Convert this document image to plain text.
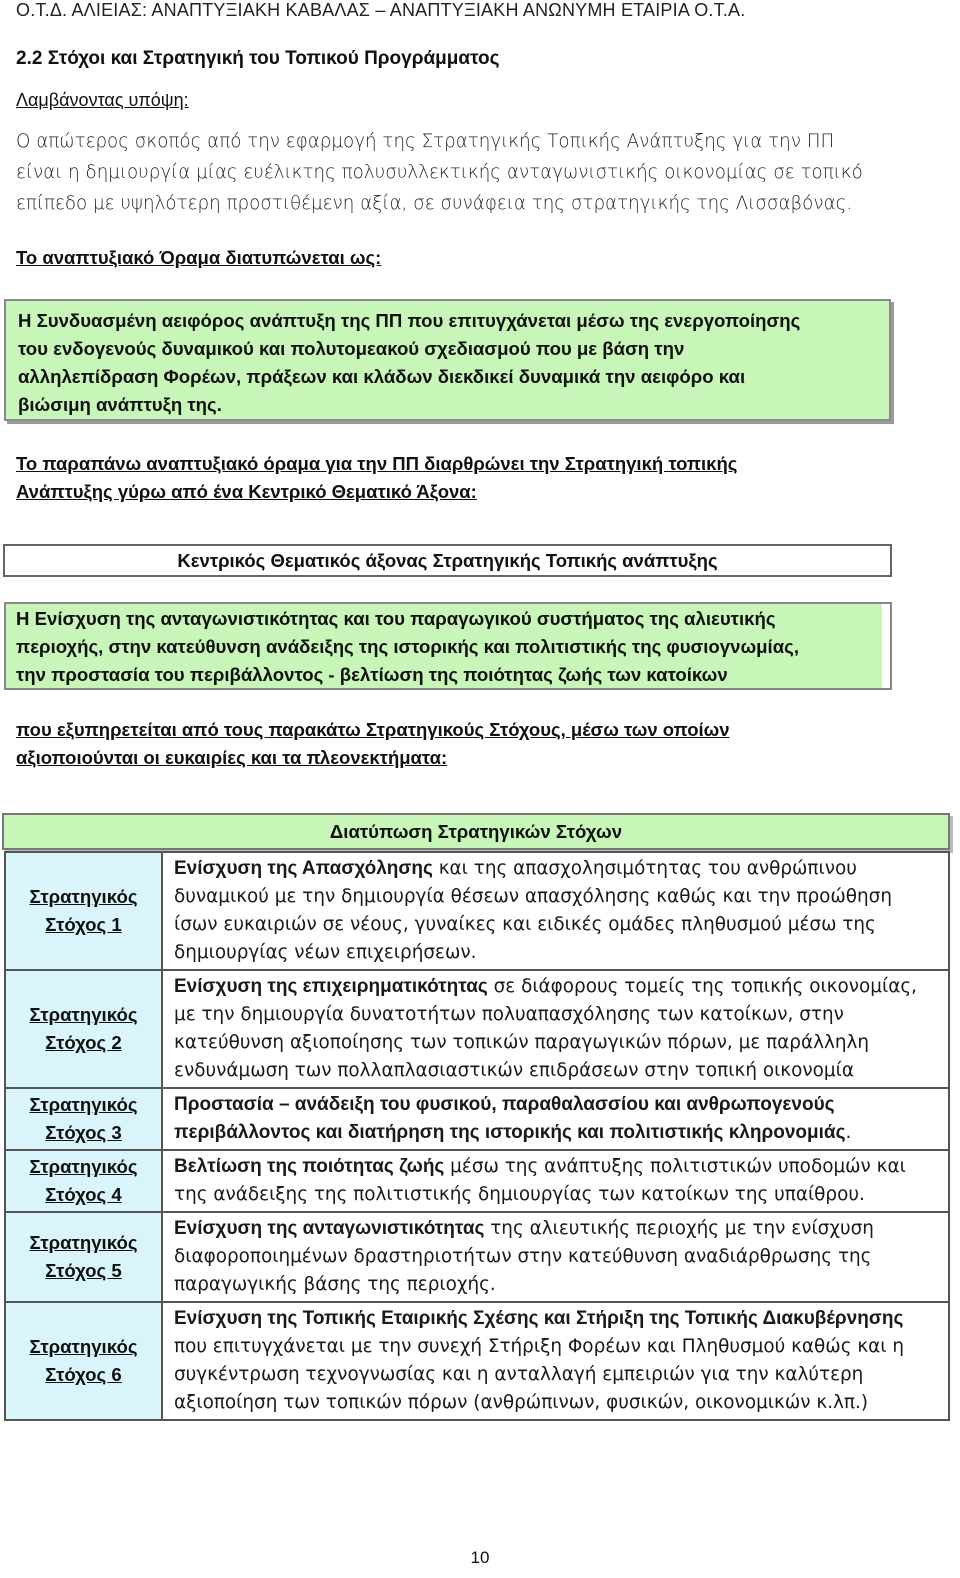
Ο.Τ.Δ. ΑΛΙΕΙΑΣ: ΑΝΑΠΤΥΞΙΑΚΗ ΚΑΒΑΛΑΣ – ΑΝΑΠΤΥΞΙΑΚΗ ΑΝΩΝΥΜΗ ΕΤΑΙΡΙΑ Ο.Τ.Α.
2.2 Στόχοι και Στρατηγική του Τοπικού Προγράμματος
Λαμβάνοντας υπόψη:
Ο απώτερος σκοπός από την εφαρμογή της Στρατηγικής Τοπικής Ανάπτυξης για την ΠΠ
είναι η δημιουργία μίας ευέλικτης πολυσυλλεκτικής ανταγωνιστικής οικονομίας σε τοπικό
επίπεδο με υψηλότερη προστιθέμενη αξία, σε συνάφεια της στρατηγικής της Λισσαβόνας.
Το αναπτυξιακό Όραμα διατυπώνεται ως:
Η Συνδυασμένη αειφόρος ανάπτυξη της ΠΠ που επιτυγχάνεται μέσω της ενεργοποίησης
του ενδογενούς δυναμικού και πολυτομεακού σχεδιασμού που με βάση την
αλληλεπίδραση Φορέων, πράξεων και κλάδων διεκδικεί δυναμικά την αειφόρο και
βιώσιμη ανάπτυξη της.
Το παραπάνω αναπτυξιακό όραμα για την ΠΠ διαρθρώνει την Στρατηγική τοπικής
Ανάπτυξης γύρω από ένα Κεντρικό Θεματικό Άξονα:
Κεντρικός Θεματικός άξονας Στρατηγικής Τοπικής ανάπτυξης
Η Ενίσχυση της ανταγωνιστικότητας και του παραγωγικού συστήματος της αλιευτικής
περιοχής, στην κατεύθυνση ανάδειξης της ιστορικής και πολιτιστικής της φυσιογνωμίας,
την προστασία του περιβάλλοντος - βελτίωση της ποιότητας ζωής των κατοίκων
που εξυπηρετείται από τους παρακάτω Στρατηγικούς Στόχους, μέσω των οποίων
αξιοποιούνται οι ευκαιρίες και τα πλεονεκτήματα:
Διατύπωση Στρατηγικών Στόχων
Στρατηγικός
Στόχος 1	Ενίσχυση της Απασχόλησης και της απασχολησιμότητας του ανθρώπινου δυναμικού με την δημιουργία θέσεων απασχόλησης καθώς και την προώθηση ίσων ευκαιριών σε νέους, γυναίκες και ειδικές ομάδες πληθυσμού μέσω της δημιουργίας νέων επιχειρήσεων.

Στρατηγικός
Στόχος 2	Ενίσχυση της επιχειρηματικότητας σε διάφορους τομείς της τοπικής οικονομίας, με την δημιουργία δυνατοτήτων πολυαπασχόλησης των κατοίκων, στην κατεύθυνση αξιοποίησης των τοπικών παραγωγικών πόρων, με παράλληλη ενδυνάμωση των πολλαπλασιαστικών επιδράσεων στην τοπική οικονομία

Στρατηγικός
Στόχος 3	Προστασία – ανάδειξη του φυσικού, παραθαλασσίου και ανθρωπογενούς περιβάλλοντος και διατήρηση της ιστορικής και πολιτιστικής κληρονομιάς.

Στρατηγικός
Στόχος 4	Βελτίωση της ποιότητας ζωής μέσω της ανάπτυξης πολιτιστικών υποδομών και της ανάδειξης της πολιτιστικής δημιουργίας των κατοίκων της υπαίθρου.

Στρατηγικός
Στόχος 5	Ενίσχυση της ανταγωνιστικότητας της αλιευτικής περιοχής με την ενίσχυση διαφοροποιημένων δραστηριοτήτων στην κατεύθυνση αναδιάρθρωσης της παραγωγικής βάσης της περιοχής.

Στρατηγικός
Στόχος 6	Ενίσχυση της Τοπικής Εταιρικής Σχέσης και Στήριξη της Τοπικής Διακυβέρνησης που επιτυγχάνεται με την συνεχή Στήριξη Φορέων και Πληθυσμού καθώς και η συγκέντρωση τεχνογνωσίας και η ανταλλαγή εμπειριών για την καλύτερη αξιοποίηση των τοπικών πόρων (ανθρώπινων, φυσικών, οικονομικών κ.λπ.)
10
